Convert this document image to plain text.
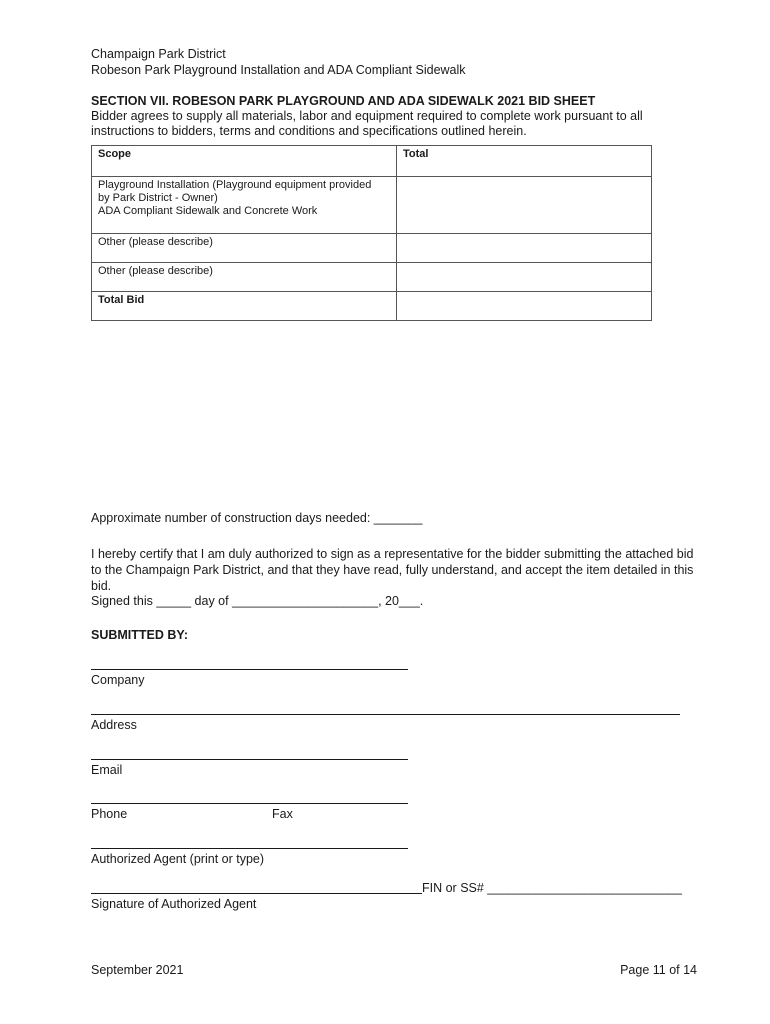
Champaign Park District
Robeson Park Playground Installation and ADA Compliant Sidewalk
SECTION VII. ROBESON PARK PLAYGROUND AND ADA SIDEWALK 2021 BID SHEET
Bidder agrees to supply all materials, labor and equipment required to complete work pursuant to all instructions to bidders, terms and conditions and specifications outlined herein.
Scope	Total

Playground Installation (Playground equipment provided
by Park District - Owner)
ADA Compliant Sidewalk and Concrete Work	

Other (please describe)	
Other (please describe)	
Total Bid	
Approximate number of construction days needed: _______
I hereby certify that I am duly authorized to sign as a representative for the bidder submitting the attached bid to the Champaign Park District, and that they have read, fully understand, and accept the item detailed in this bid.
Signed this _____ day of _____________________, 20___.
SUBMITTED BY:
Company
Address
Email
Phone	Fax
Authorized Agent (print or type)
FIN or SS# ____________________________
Signature of Authorized Agent
September 2021	Page 11 of 14
